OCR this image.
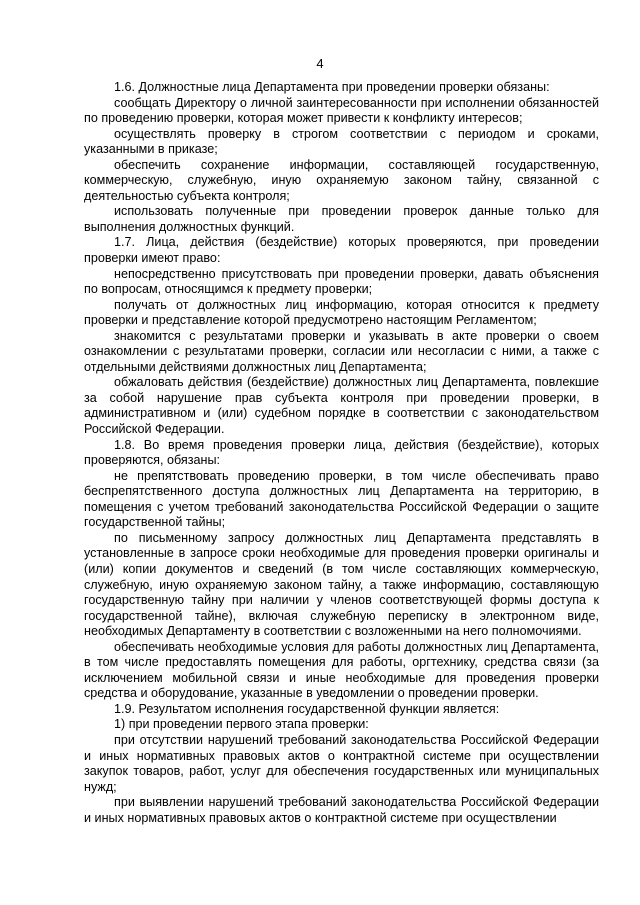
4

1.6. Должностные лица Департамента при проведении проверки обязаны:

сообщать Директору о личной заинтересованности при исполнении обязанностей по проведению проверки, которая может привести к конфликту интересов;

осуществлять проверку в строгом соответствии с периодом и сроками, указанными в приказе;

обеспечить сохранение информации, составляющей государственную, коммерческую, служебную, иную охраняемую законом тайну, связанной с деятельностью субъекта контроля;

использовать полученные при проведении проверок данные только для выполнения должностных функций.

1.7. Лица, действия (бездействие) которых проверяются, при проведении проверки имеют право:

непосредственно присутствовать при проведении проверки, давать объяснения по вопросам, относящимся к предмету проверки;

получать от должностных лиц информацию, которая относится к предмету проверки и представление которой предусмотрено настоящим Регламентом;

знакомится с результатами проверки и указывать в акте проверки о своем ознакомлении с результатами проверки, согласии или несогласии с ними, а также с отдельными действиями должностных лиц Департамента;

обжаловать действия (бездействие) должностных лиц Департамента, повлекшие за собой нарушение прав субъекта контроля при проведении проверки, в административном и (или) судебном порядке в соответствии с законодательством Российской Федерации.

1.8. Во время проведения проверки лица, действия (бездействие), которых проверяются, обязаны:

не препятствовать проведению проверки, в том числе обеспечивать право беспрепятственного доступа должностных лиц Департамента на территорию, в помещения с учетом требований законодательства Российской Федерации о защите государственной тайны;

по письменному запросу должностных лиц Департамента представлять в установленные в запросе сроки необходимые для проведения проверки оригиналы и (или) копии документов и сведений (в том числе составляющих коммерческую, служебную, иную охраняемую законом тайну, а также информацию, составляющую государственную тайну при наличии у членов соответствующей формы доступа к государственной тайне), включая служебную переписку в электронном виде, необходимых Департаменту в соответствии с возложенными на него полномочиями.

обеспечивать необходимые условия для работы должностных лиц Департамента, в том числе предоставлять помещения для работы, оргтехнику, средства связи (за исключением мобильной связи и иные необходимые для проведения проверки средства и оборудование, указанные в уведомлении о проведении проверки.

1.9. Результатом исполнения государственной функции является:

1) при проведении первого этапа проверки:

при отсутствии нарушений требований законодательства Российской Федерации и иных нормативных правовых актов о контрактной системе при осуществлении закупок товаров, работ, услуг для обеспечения государственных или муниципальных нужд;

при выявлении нарушений требований законодательства Российской Федерации и иных нормативных правовых актов о контрактной системе при осуществлении
